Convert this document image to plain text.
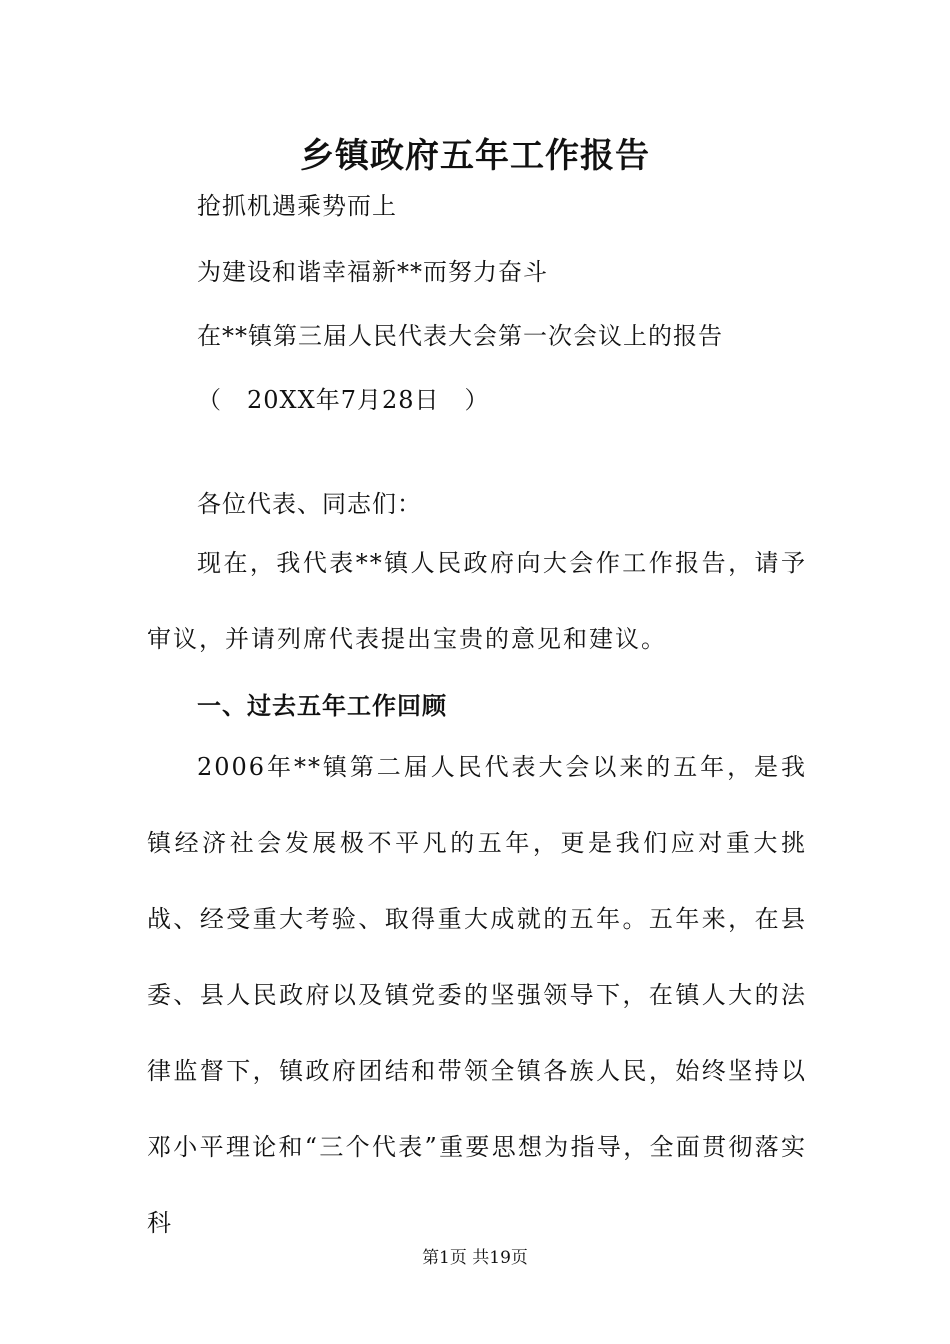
乡镇政府五年工作报告

抢抓机遇乘势而上

为建设和谐幸福新**而努力奋斗

在**镇第三届人民代表大会第一次会议上的报告

（　20XX年7月28日　）

各位代表、同志们：

现在，我代表**镇人民政府向大会作工作报告，请予审议，并请列席代表提出宝贵的意见和建议。

一、过去五年工作回顾

2006年**镇第二届人民代表大会以来的五年，是我镇经济社会发展极不平凡的五年，更是我们应对重大挑战、经受重大考验、取得重大成就的五年。五年来，在县委、县人民政府以及镇党委的坚强领导下，在镇人大的法律监督下，镇政府团结和带领全镇各族人民，始终坚持以邓小平理论和“三个代表”重要思想为指导，全面贯彻落实科

第1页 共19页
